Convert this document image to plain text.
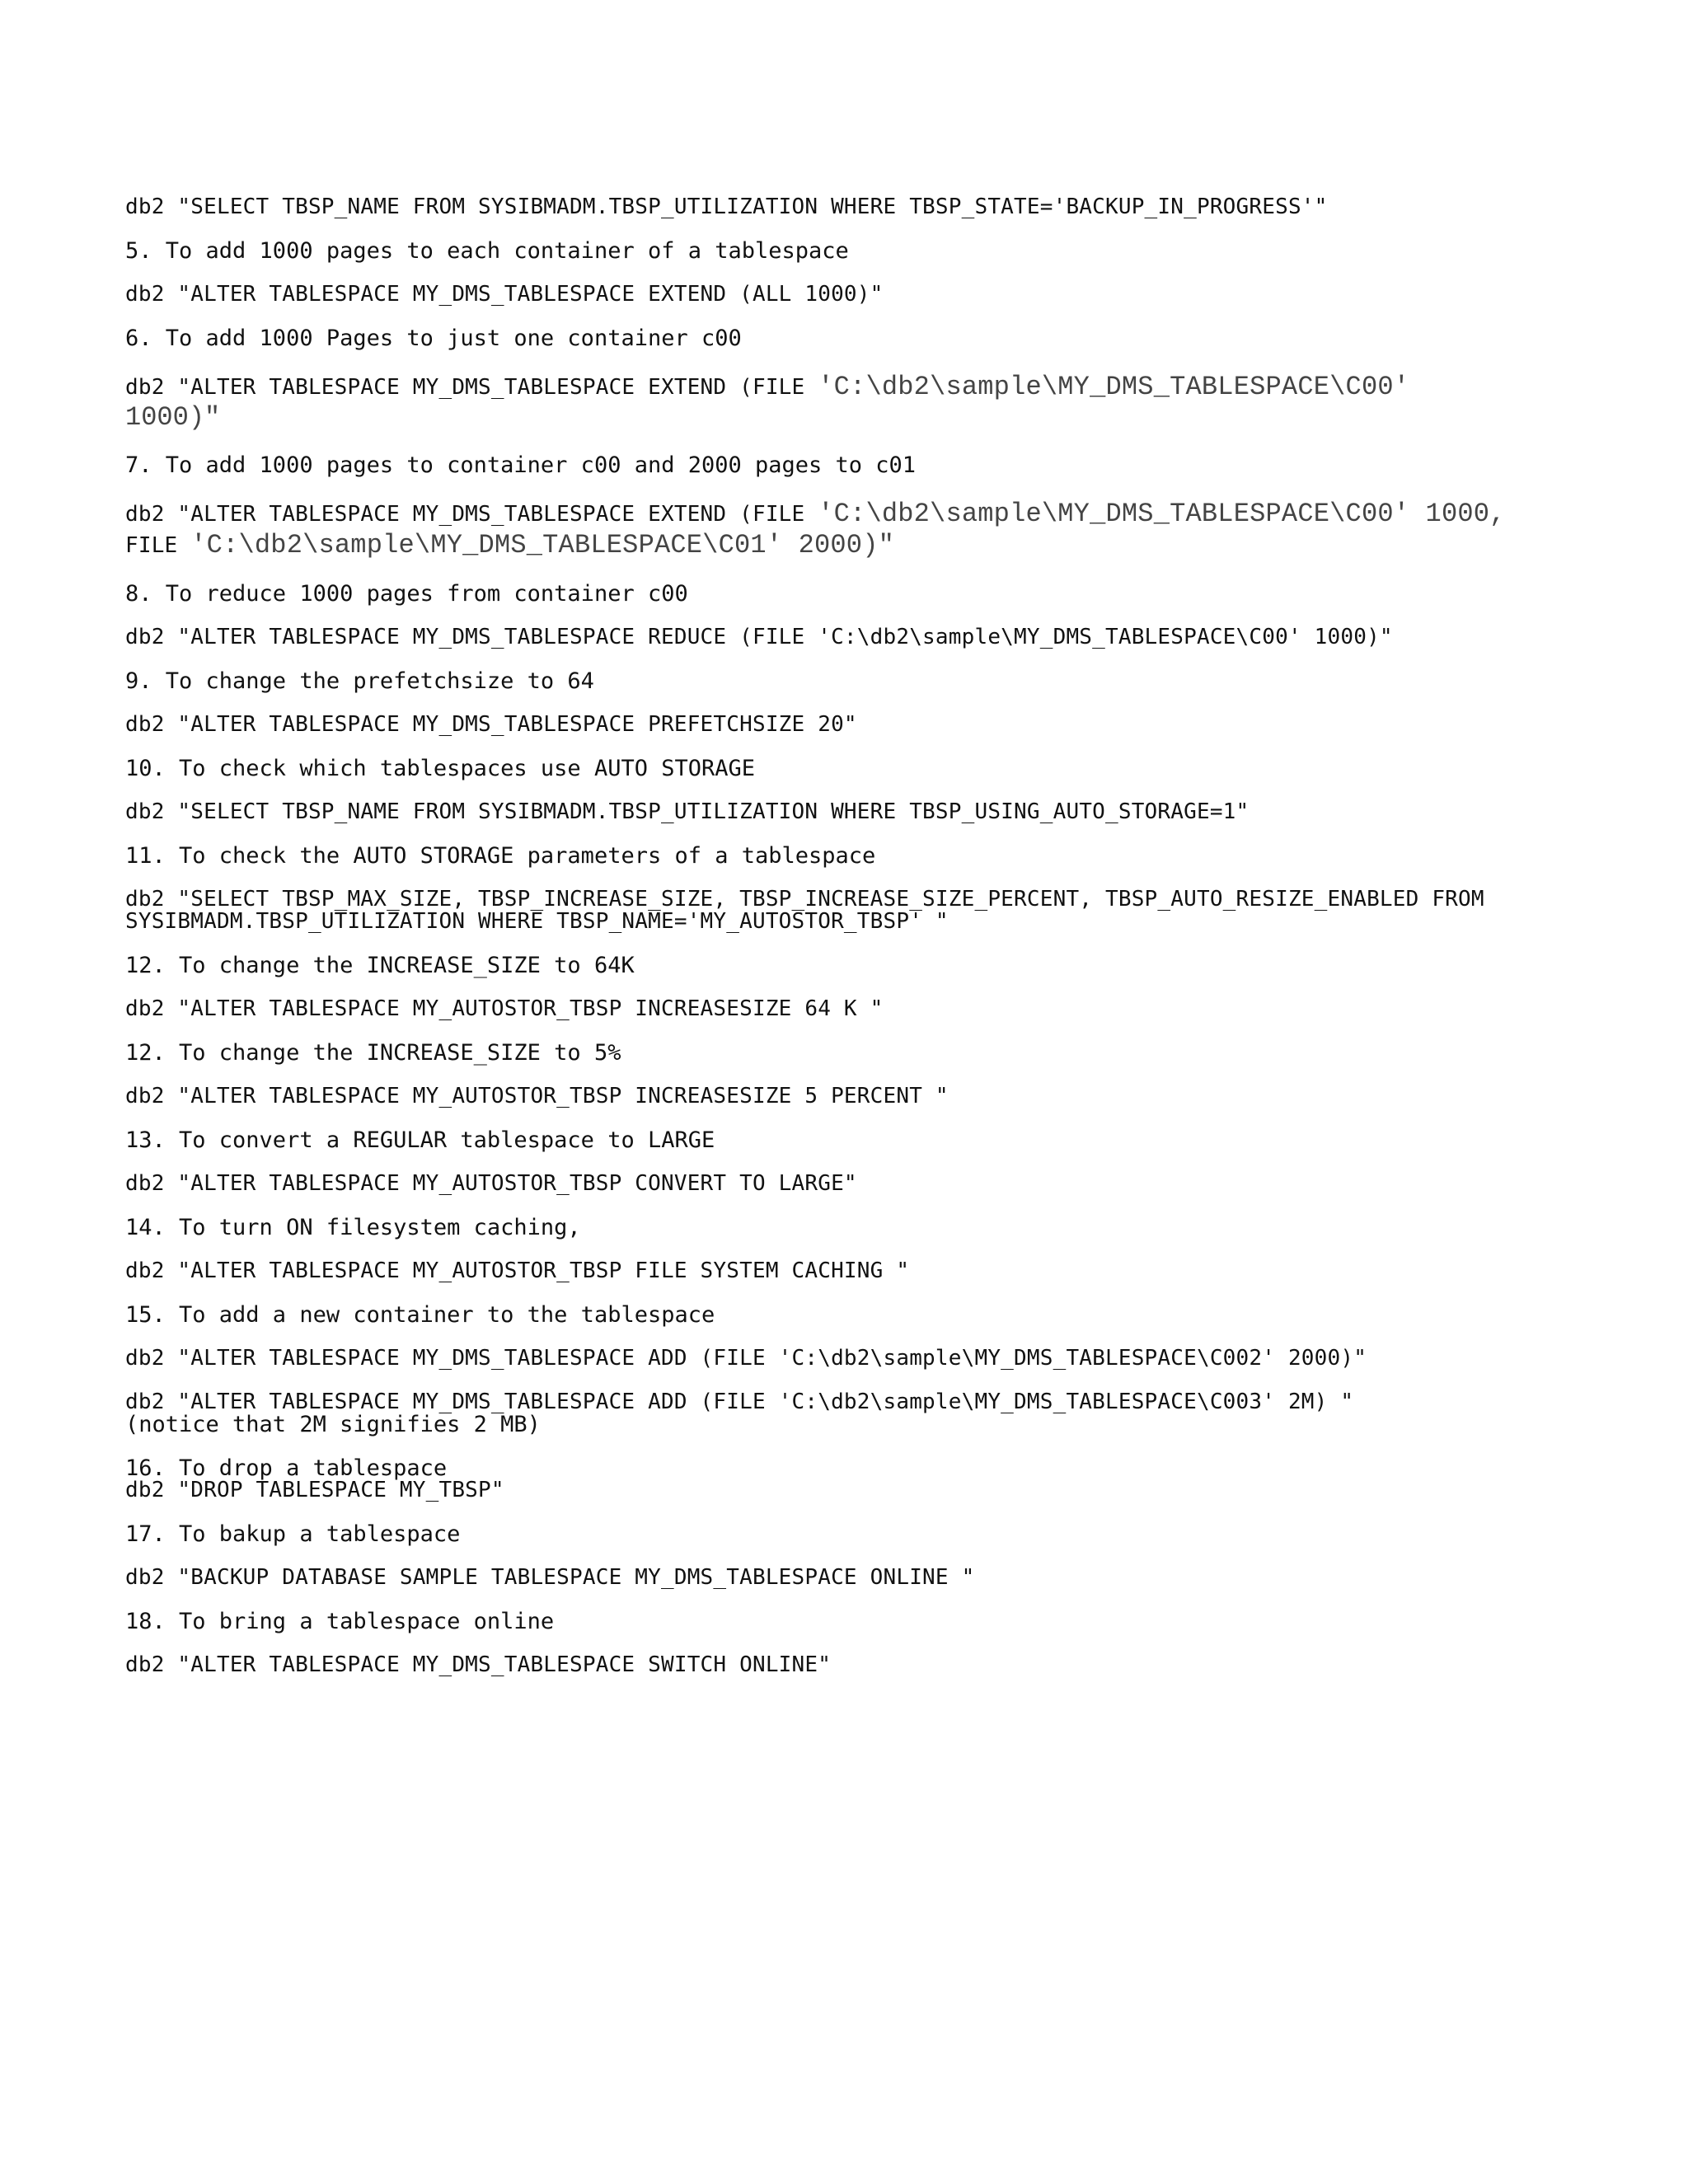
db2 "SELECT TBSP_NAME FROM SYSIBMADM.TBSP_UTILIZATION WHERE TBSP_STATE='BACKUP_IN_PROGRESS'"
5. To add 1000 pages to each container of a tablespace
db2 "ALTER TABLESPACE MY_DMS_TABLESPACE EXTEND (ALL 1000)"
6. To add 1000 Pages to just one container c00
db2 "ALTER TABLESPACE MY_DMS_TABLESPACE EXTEND (FILE 'C:\db2\sample\MY_DMS_TABLESPACE\C00'
1000)"
7. To add 1000 pages to container c00 and 2000 pages to c01
db2 "ALTER TABLESPACE MY_DMS_TABLESPACE EXTEND (FILE 'C:\db2\sample\MY_DMS_TABLESPACE\C00' 1000,
FILE 'C:\db2\sample\MY_DMS_TABLESPACE\C01' 2000)"
8. To reduce 1000 pages from container c00
db2 "ALTER TABLESPACE MY_DMS_TABLESPACE REDUCE (FILE 'C:\db2\sample\MY_DMS_TABLESPACE\C00' 1000)"
9. To change the prefetchsize to 64
db2 "ALTER TABLESPACE MY_DMS_TABLESPACE PREFETCHSIZE 20"
10. To check which tablespaces use AUTO STORAGE
db2 "SELECT TBSP_NAME FROM SYSIBMADM.TBSP_UTILIZATION WHERE TBSP_USING_AUTO_STORAGE=1"
11. To check the AUTO STORAGE parameters of a tablespace
db2 "SELECT TBSP_MAX_SIZE, TBSP_INCREASE_SIZE, TBSP_INCREASE_SIZE_PERCENT, TBSP_AUTO_RESIZE_ENABLED FROM
SYSIBMADM.TBSP_UTILIZATION WHERE TBSP_NAME='MY_AUTOSTOR_TBSP' "
12. To change the INCREASE_SIZE to 64K
db2 "ALTER TABLESPACE MY_AUTOSTOR_TBSP INCREASESIZE 64 K "
12. To change the INCREASE_SIZE to 5%
db2 "ALTER TABLESPACE MY_AUTOSTOR_TBSP INCREASESIZE 5 PERCENT "
13. To convert a REGULAR tablespace to LARGE
db2 "ALTER TABLESPACE MY_AUTOSTOR_TBSP CONVERT TO LARGE"
14. To turn ON filesystem caching,
db2 "ALTER TABLESPACE MY_AUTOSTOR_TBSP FILE SYSTEM CACHING "
15. To add a new container to the tablespace
db2 "ALTER TABLESPACE MY_DMS_TABLESPACE ADD (FILE 'C:\db2\sample\MY_DMS_TABLESPACE\C002' 2000)"
db2 "ALTER TABLESPACE MY_DMS_TABLESPACE ADD (FILE 'C:\db2\sample\MY_DMS_TABLESPACE\C003' 2M) "
(notice that 2M signifies 2 MB)
16. To drop a tablespace
db2 "DROP TABLESPACE MY_TBSP"
17. To bakup a tablespace
db2 "BACKUP DATABASE SAMPLE TABLESPACE MY_DMS_TABLESPACE ONLINE "
18. To bring a tablespace online
db2 "ALTER TABLESPACE MY_DMS_TABLESPACE SWITCH ONLINE"
